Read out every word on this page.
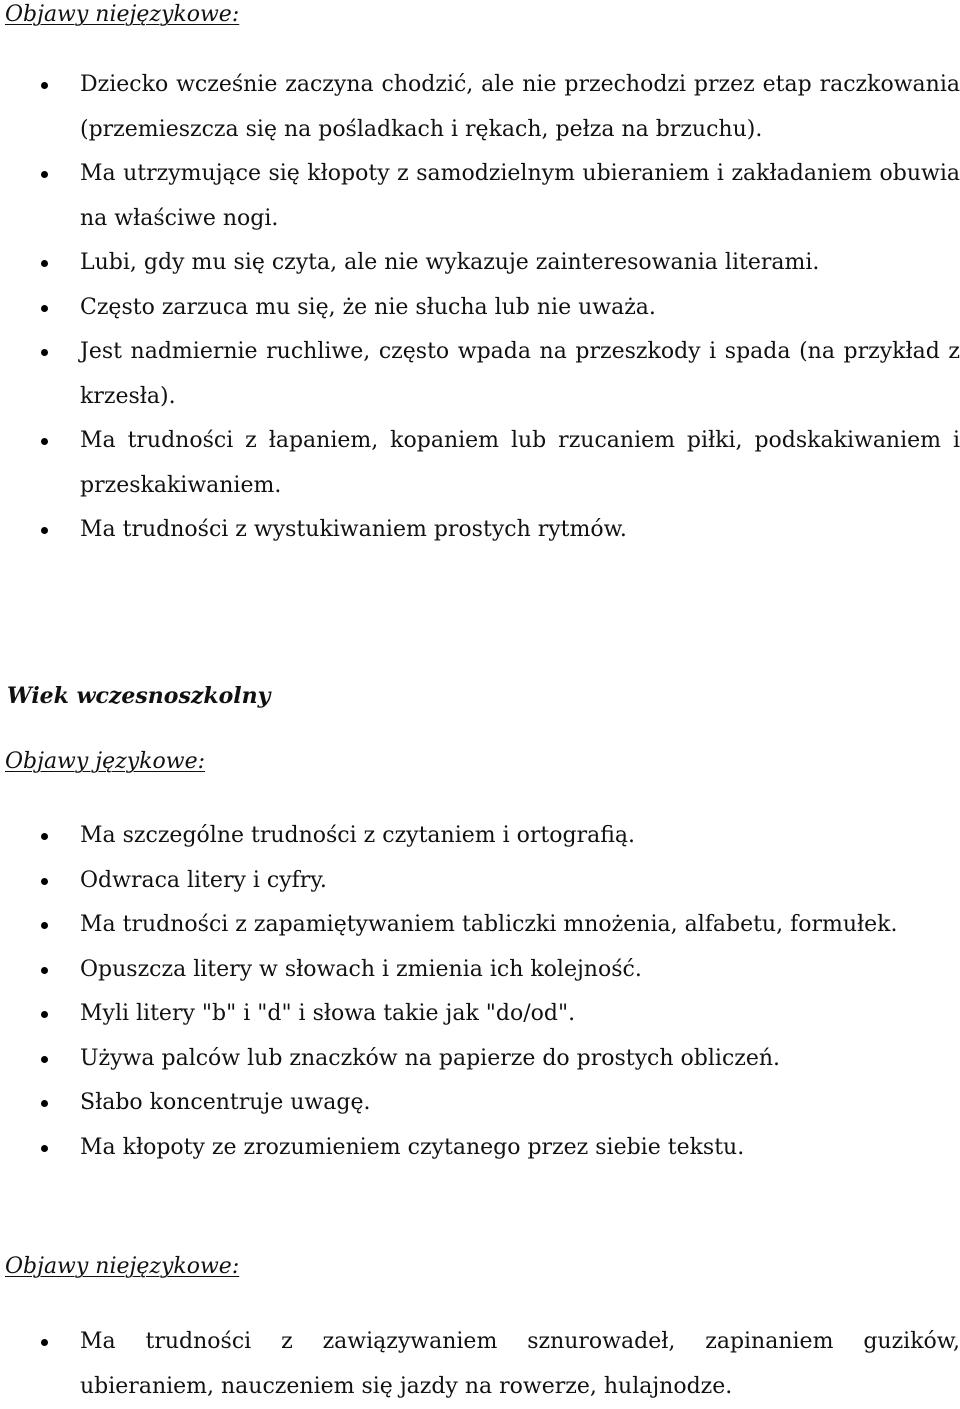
Objawy niejęzykowe:
Dziecko wcześnie zaczyna chodzić, ale nie przechodzi przez etap raczkowania (przemieszcza się na pośladkach i rękach, pełza na brzuchu).
Ma utrzymujące się kłopoty z samodzielnym ubieraniem i zakładaniem obuwia na właściwe nogi.
Lubi, gdy mu się czyta, ale nie wykazuje zainteresowania literami.
Często zarzuca mu się, że nie słucha lub nie uważa.
Jest nadmiernie ruchliwe, często wpada na przeszkody i spada (na przykład z krzesła).
Ma trudności z łapaniem, kopaniem lub rzucaniem piłki, podskakiwaniem i przeskakiwaniem.
Ma trudności z wystukiwaniem prostych rytmów.
Wiek wczesnoszkolny
Objawy językowe:
Ma szczególne trudności z czytaniem i ortografią.
Odwraca litery i cyfry.
Ma trudności z zapamiętywaniem tabliczki mnożenia, alfabetu, formułek.
Opuszcza litery w słowach i zmienia ich kolejność.
Myli litery "b" i "d" i słowa takie jak "do/od".
Używa palców lub znaczków na papierze do prostych obliczeń.
Słabo koncentruje uwagę.
Ma kłopoty ze zrozumieniem czytanego przez siebie tekstu.
Objawy niejęzykowe:
Ma trudności z zawiązywaniem sznurowadeł, zapinaniem guzików, ubieraniem, nauczeniem się jazdy na rowerze, hulajnodze.
